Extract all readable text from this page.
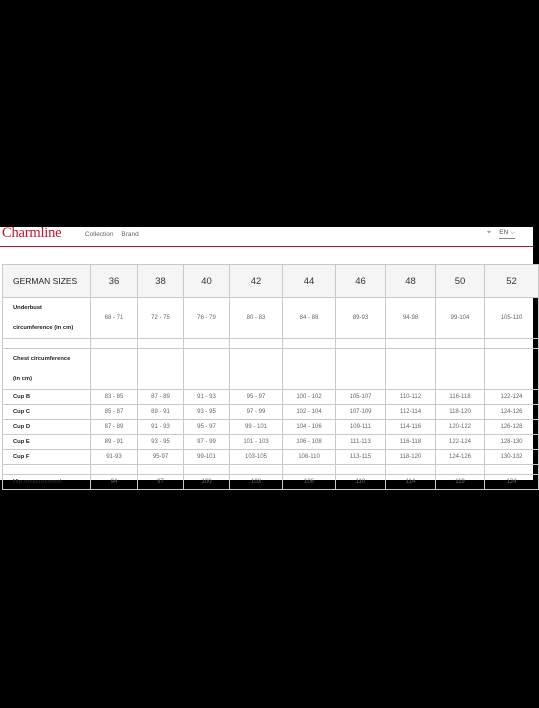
Charmline	Collection Brand	⌖ EN ⌵
GERMAN SIZES	36	38	40	42	44	46	48	50	52

Underbust
circumference (in cm)	68 - 71	72 - 75	76 - 79	80 - 83	84 - 88	89-93	94-98	99-104	105-110

Chest circumference
(in cm)									

Cup B	83 - 85	87 - 89	91 - 93	95 - 97	100 - 102	105-107	110-112	116-118	122-124
Cup C	85 - 87	89 - 91	93 - 95	97 - 99	102 - 104	107-109	112-114	118-120	124-126
Cup D	87 - 89	91 - 93	95 - 97	99 - 101	104 - 106	109-111	114-116	120-122	126-128
Cup E	89 - 91	93 - 95	97 - 99	101 - 103	106 - 108	111-113	116-118	122-124	128-130
Cup F	91-93	95-97	99-101	103-105	108-110	113-115	118-120	124-126	130-132

Hip measurement	94	97	100	103	106	110	114	119	124
